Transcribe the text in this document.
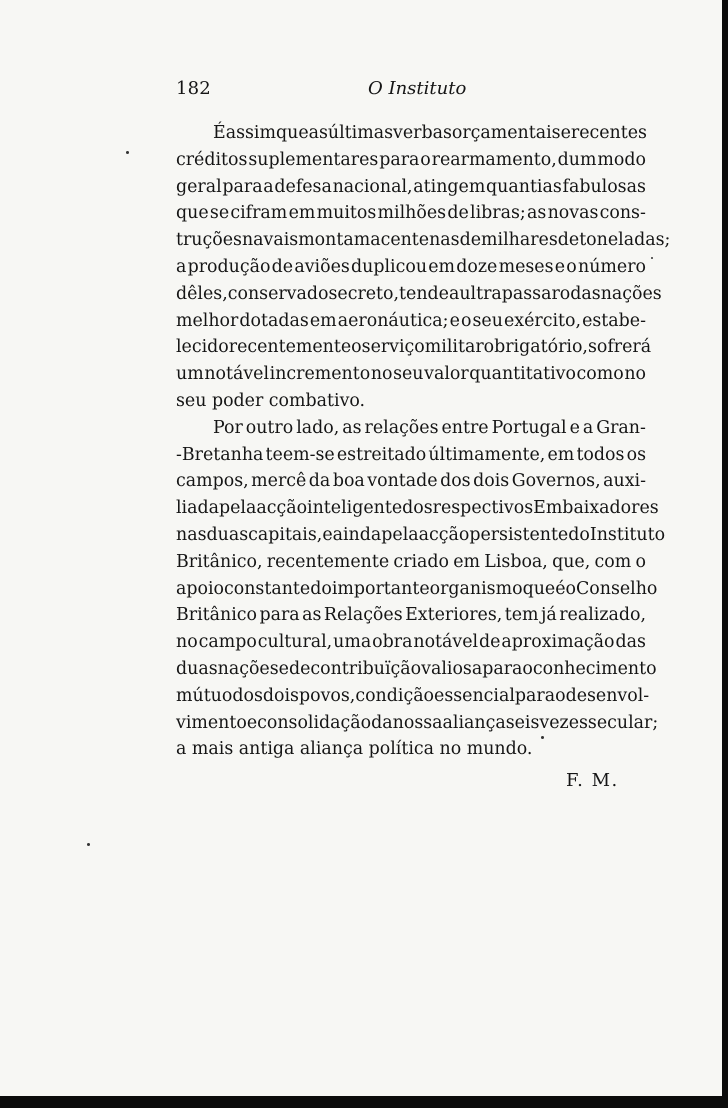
182	O Instituto
É assim que as últimas verbas orçamentais e recentes
créditos suplementares para o rearmamento, dum modo
geral para a defesa nacional, atingem quantias fabulosas
que se cifram em muitos milhões de libras; as novas cons-
truções navais montam a centenas de milhares de toneladas;
a produção de aviões duplicou em doze meses e o número
dêles, conservado secreto, tende a ultrapassar o das nações
melhor dotadas em aeronáutica; e o seu exército, estabe-
lecido recentemente o serviço militar obrigatório, sofrerá
um notável incremento no seu valor quantitativo como no
seu poder combativo.
Por outro lado, as relações entre Portugal e a Gran-
-Bretanha teem-se estreitado últimamente, em todos os
campos, mercê da boa vontade dos dois Governos, auxi-
liada pela acção inteligente dos respectivos Embaixadores
nas duas capitais, e ainda pela acção persistente do Instituto
Britânico, recentemente criado em Lisboa, que, com o
apoio constante do importante organismo que é o Conselho
Britânico para as Relações Exteriores, tem já realizado,
no campo cultural, uma obra notável de aproximação das
duas nações e de contribuïção valiosa para o conhecimento
mútuo dos dois povos, condição essencial para o desenvol-
vimento e consolidação da nossa aliança seis vezes secular;
a mais antiga aliança política no mundo.
F. M.
